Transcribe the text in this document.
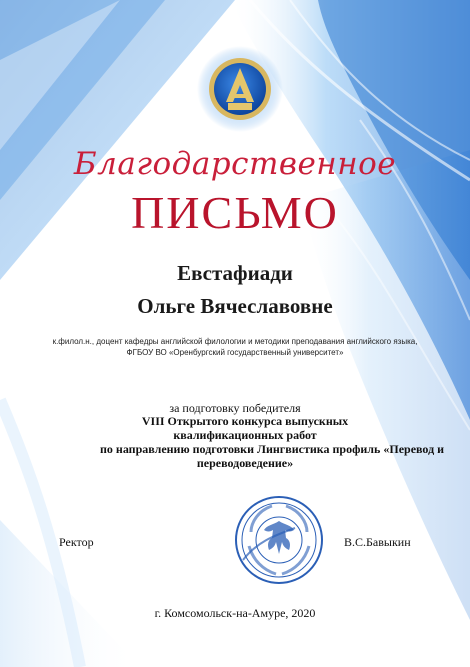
Благодарственное
ПИСЬМО
Евстафиади
Ольге Вячеславовне
к.филол.н., доцент кафедры английской филологии и методики преподавания английского языка,
ФГБОУ ВО «Оренбургский государственный университет»
за подготовку победителя
VIII Открытого конкурса выпускных
квалификационных работ
по направлению подготовки Лингвистика профиль «Перевод и
переводоведение»
Ректор	В.С.Бавыкин
г. Комсомольск-на-Амуре, 2020
